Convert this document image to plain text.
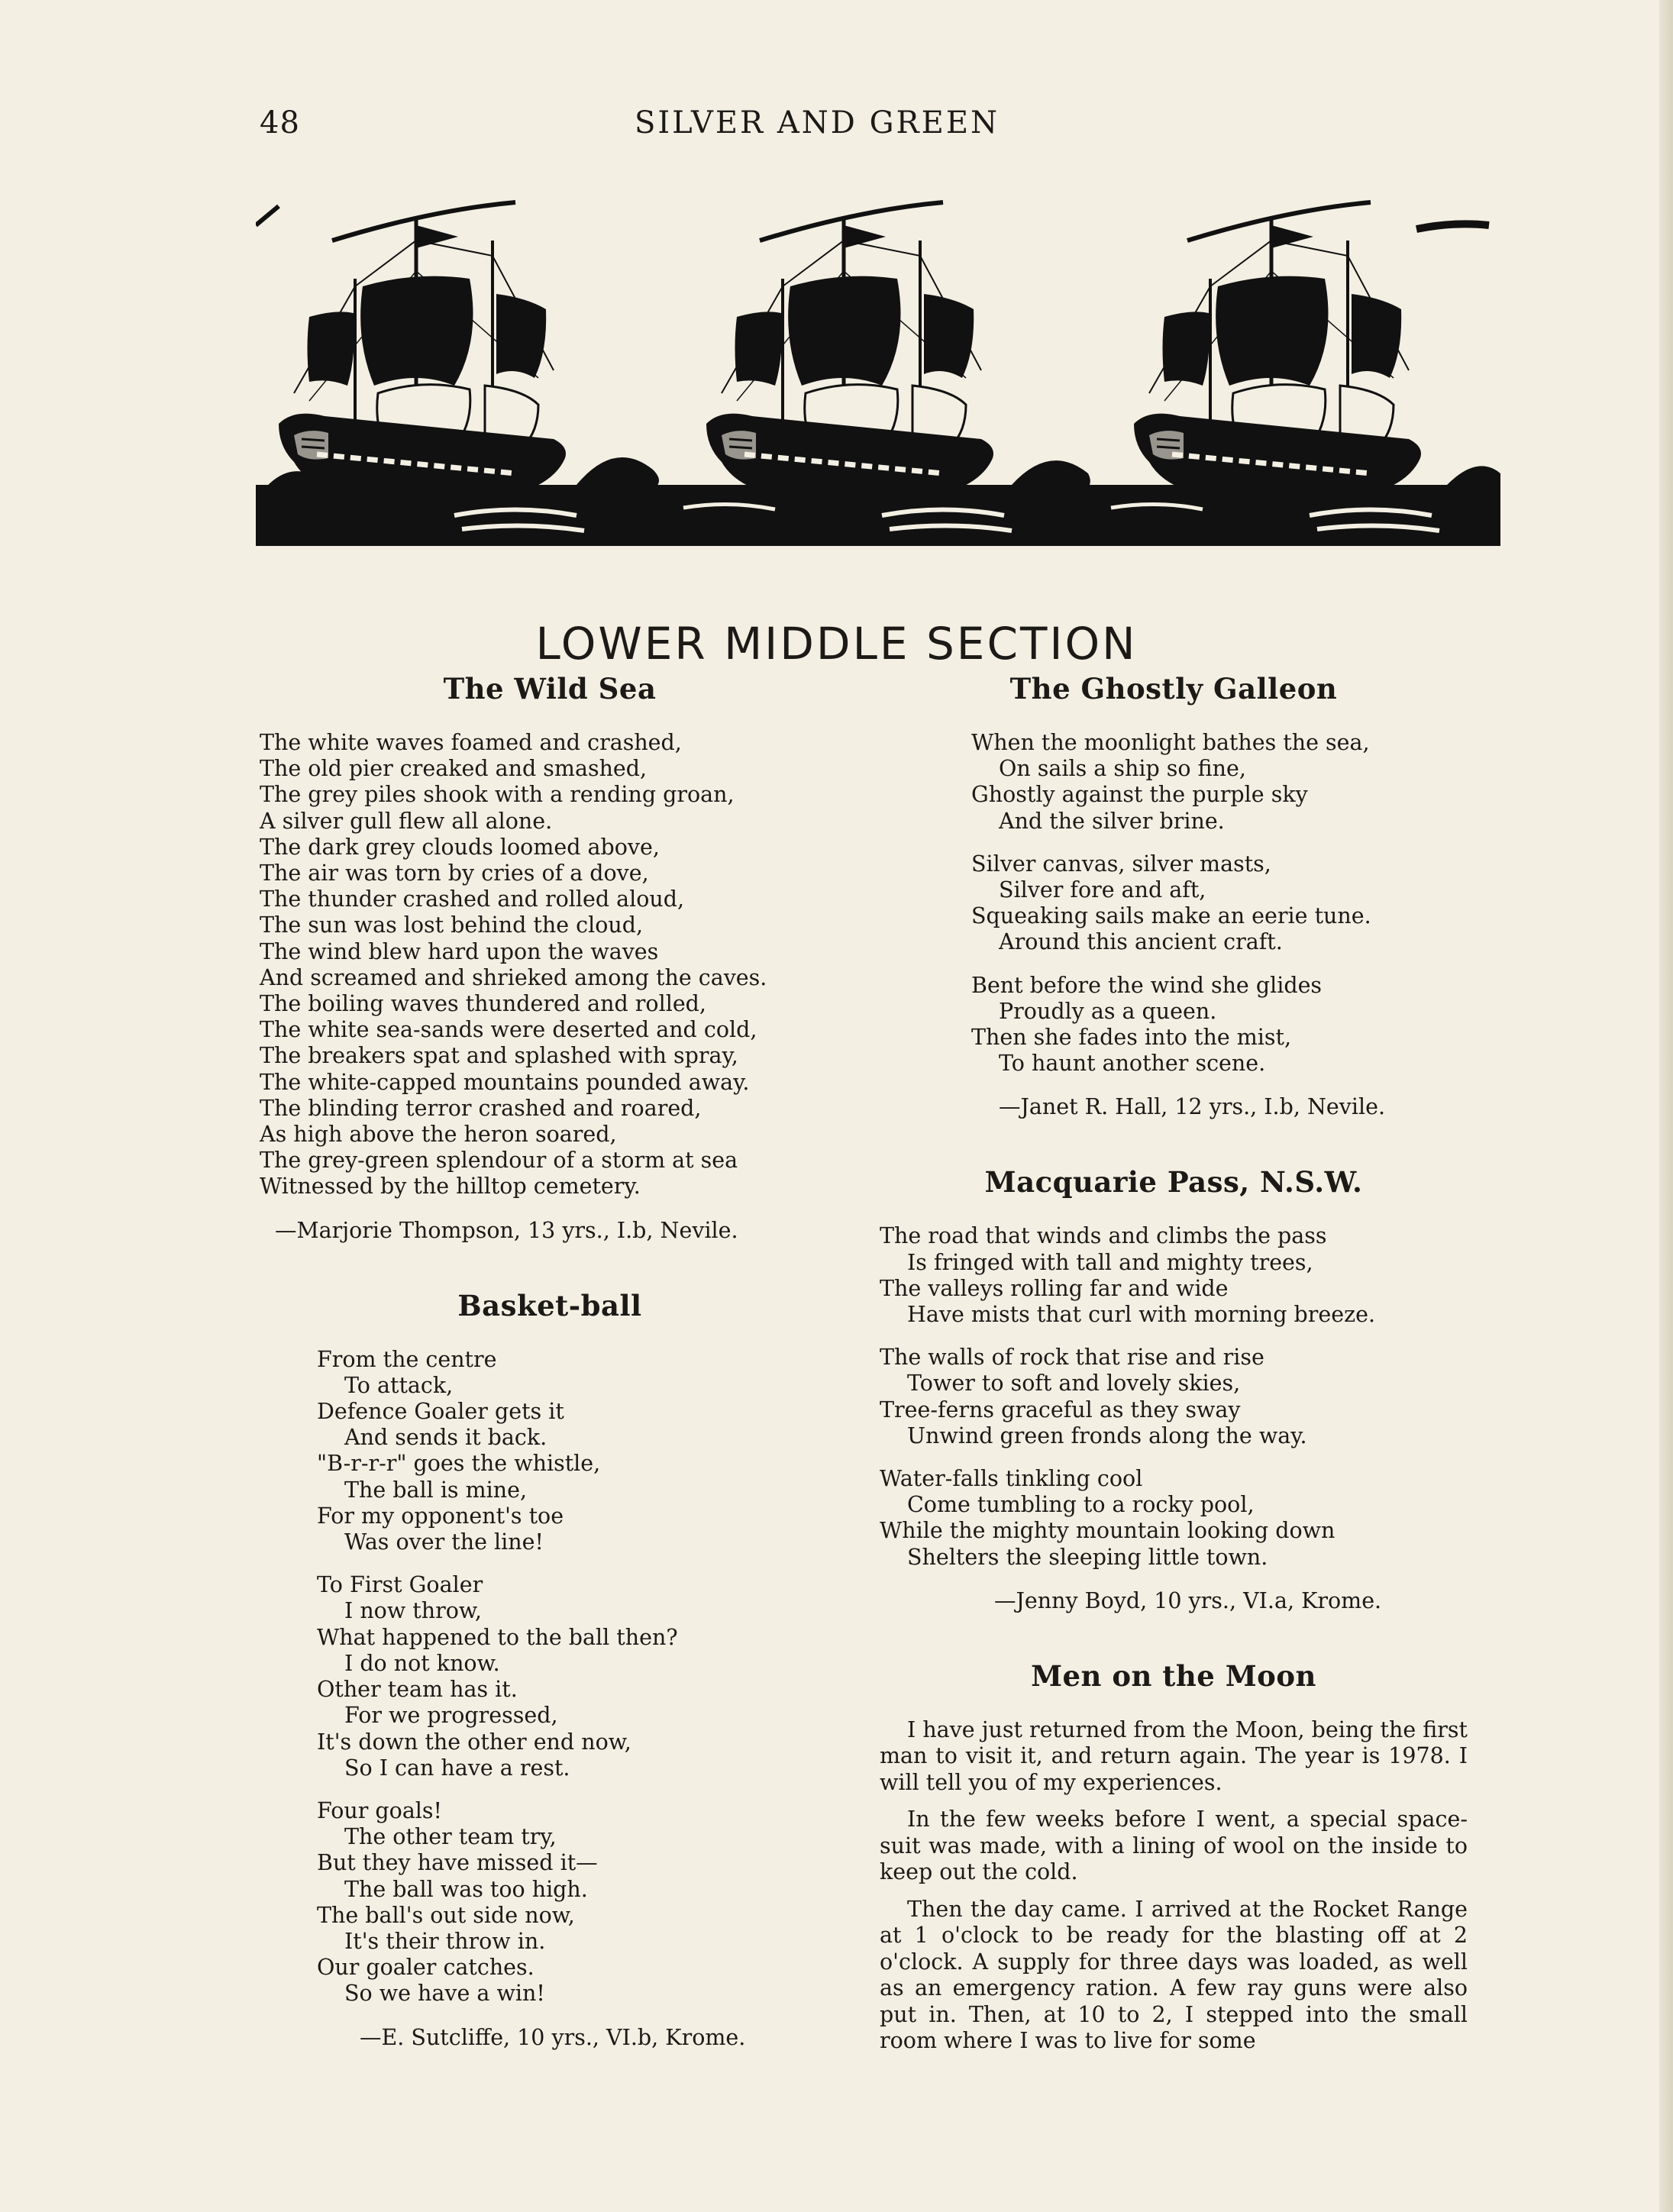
48	SILVER AND GREEN
LOWER MIDDLE SECTION
The Wild Sea
The white waves foamed and crashed,
The old pier creaked and smashed,
The grey piles shook with a rending groan,
A silver gull flew all alone.
The dark grey clouds loomed above,
The air was torn by cries of a dove,
The thunder crashed and rolled aloud,
The sun was lost behind the cloud,
The wind blew hard upon the waves
And screamed and shrieked among the caves.
The boiling waves thundered and rolled,
The white sea-sands were deserted and cold,
The breakers spat and splashed with spray,
The white-capped mountains pounded away.
The blinding terror crashed and roared,
As high above the heron soared,
The grey-green splendour of a storm at sea
Witnessed by the hilltop cemetery.
—Marjorie Thompson, 13 yrs., I.b, Nevile.
Basket-ball
From the centre
To attack,
Defence Goaler gets it
And sends it back.
"B-r-r-r" goes the whistle,
The ball is mine,
For my opponent's toe
Was over the line!
To First Goaler
I now throw,
What happened to the ball then?
I do not know.
Other team has it.
For we progressed,
It's down the other end now,
So I can have a rest.
Four goals!
The other team try,
But they have missed it—
The ball was too high.
The ball's out side now,
It's their throw in.
Our goaler catches.
So we have a win!
—E. Sutcliffe, 10 yrs., VI.b, Krome.
The Ghostly Galleon
When the moonlight bathes the sea,
On sails a ship so fine,
Ghostly against the purple sky
And the silver brine.
Silver canvas, silver masts,
Silver fore and aft,
Squeaking sails make an eerie tune.
Around this ancient craft.
Bent before the wind she glides
Proudly as a queen.
Then she fades into the mist,
To haunt another scene.
—Janet R. Hall, 12 yrs., I.b, Nevile.
Macquarie Pass, N.S.W.
The road that winds and climbs the pass
Is fringed with tall and mighty trees,
The valleys rolling far and wide
Have mists that curl with morning breeze.
The walls of rock that rise and rise
Tower to soft and lovely skies,
Tree-ferns graceful as they sway
Unwind green fronds along the way.
Water-falls tinkling cool
Come tumbling to a rocky pool,
While the mighty mountain looking down
Shelters the sleeping little town.
—Jenny Boyd, 10 yrs., VI.a, Krome.
Men on the Moon

I have just returned from the Moon, being the first man to visit it, and return again. The year is 1978. I will tell you of my experiences.

In the few weeks before I went, a special space-suit was made, with a lining of wool on the inside to keep out the cold.

Then the day came. I arrived at the Rocket Range at 1 o'clock to be ready for the blasting off at 2 o'clock. A supply for three days was loaded, as well as an emergency ration. A few ray guns were also put in. Then, at 10 to 2, I stepped into the small room where I was to live for some
